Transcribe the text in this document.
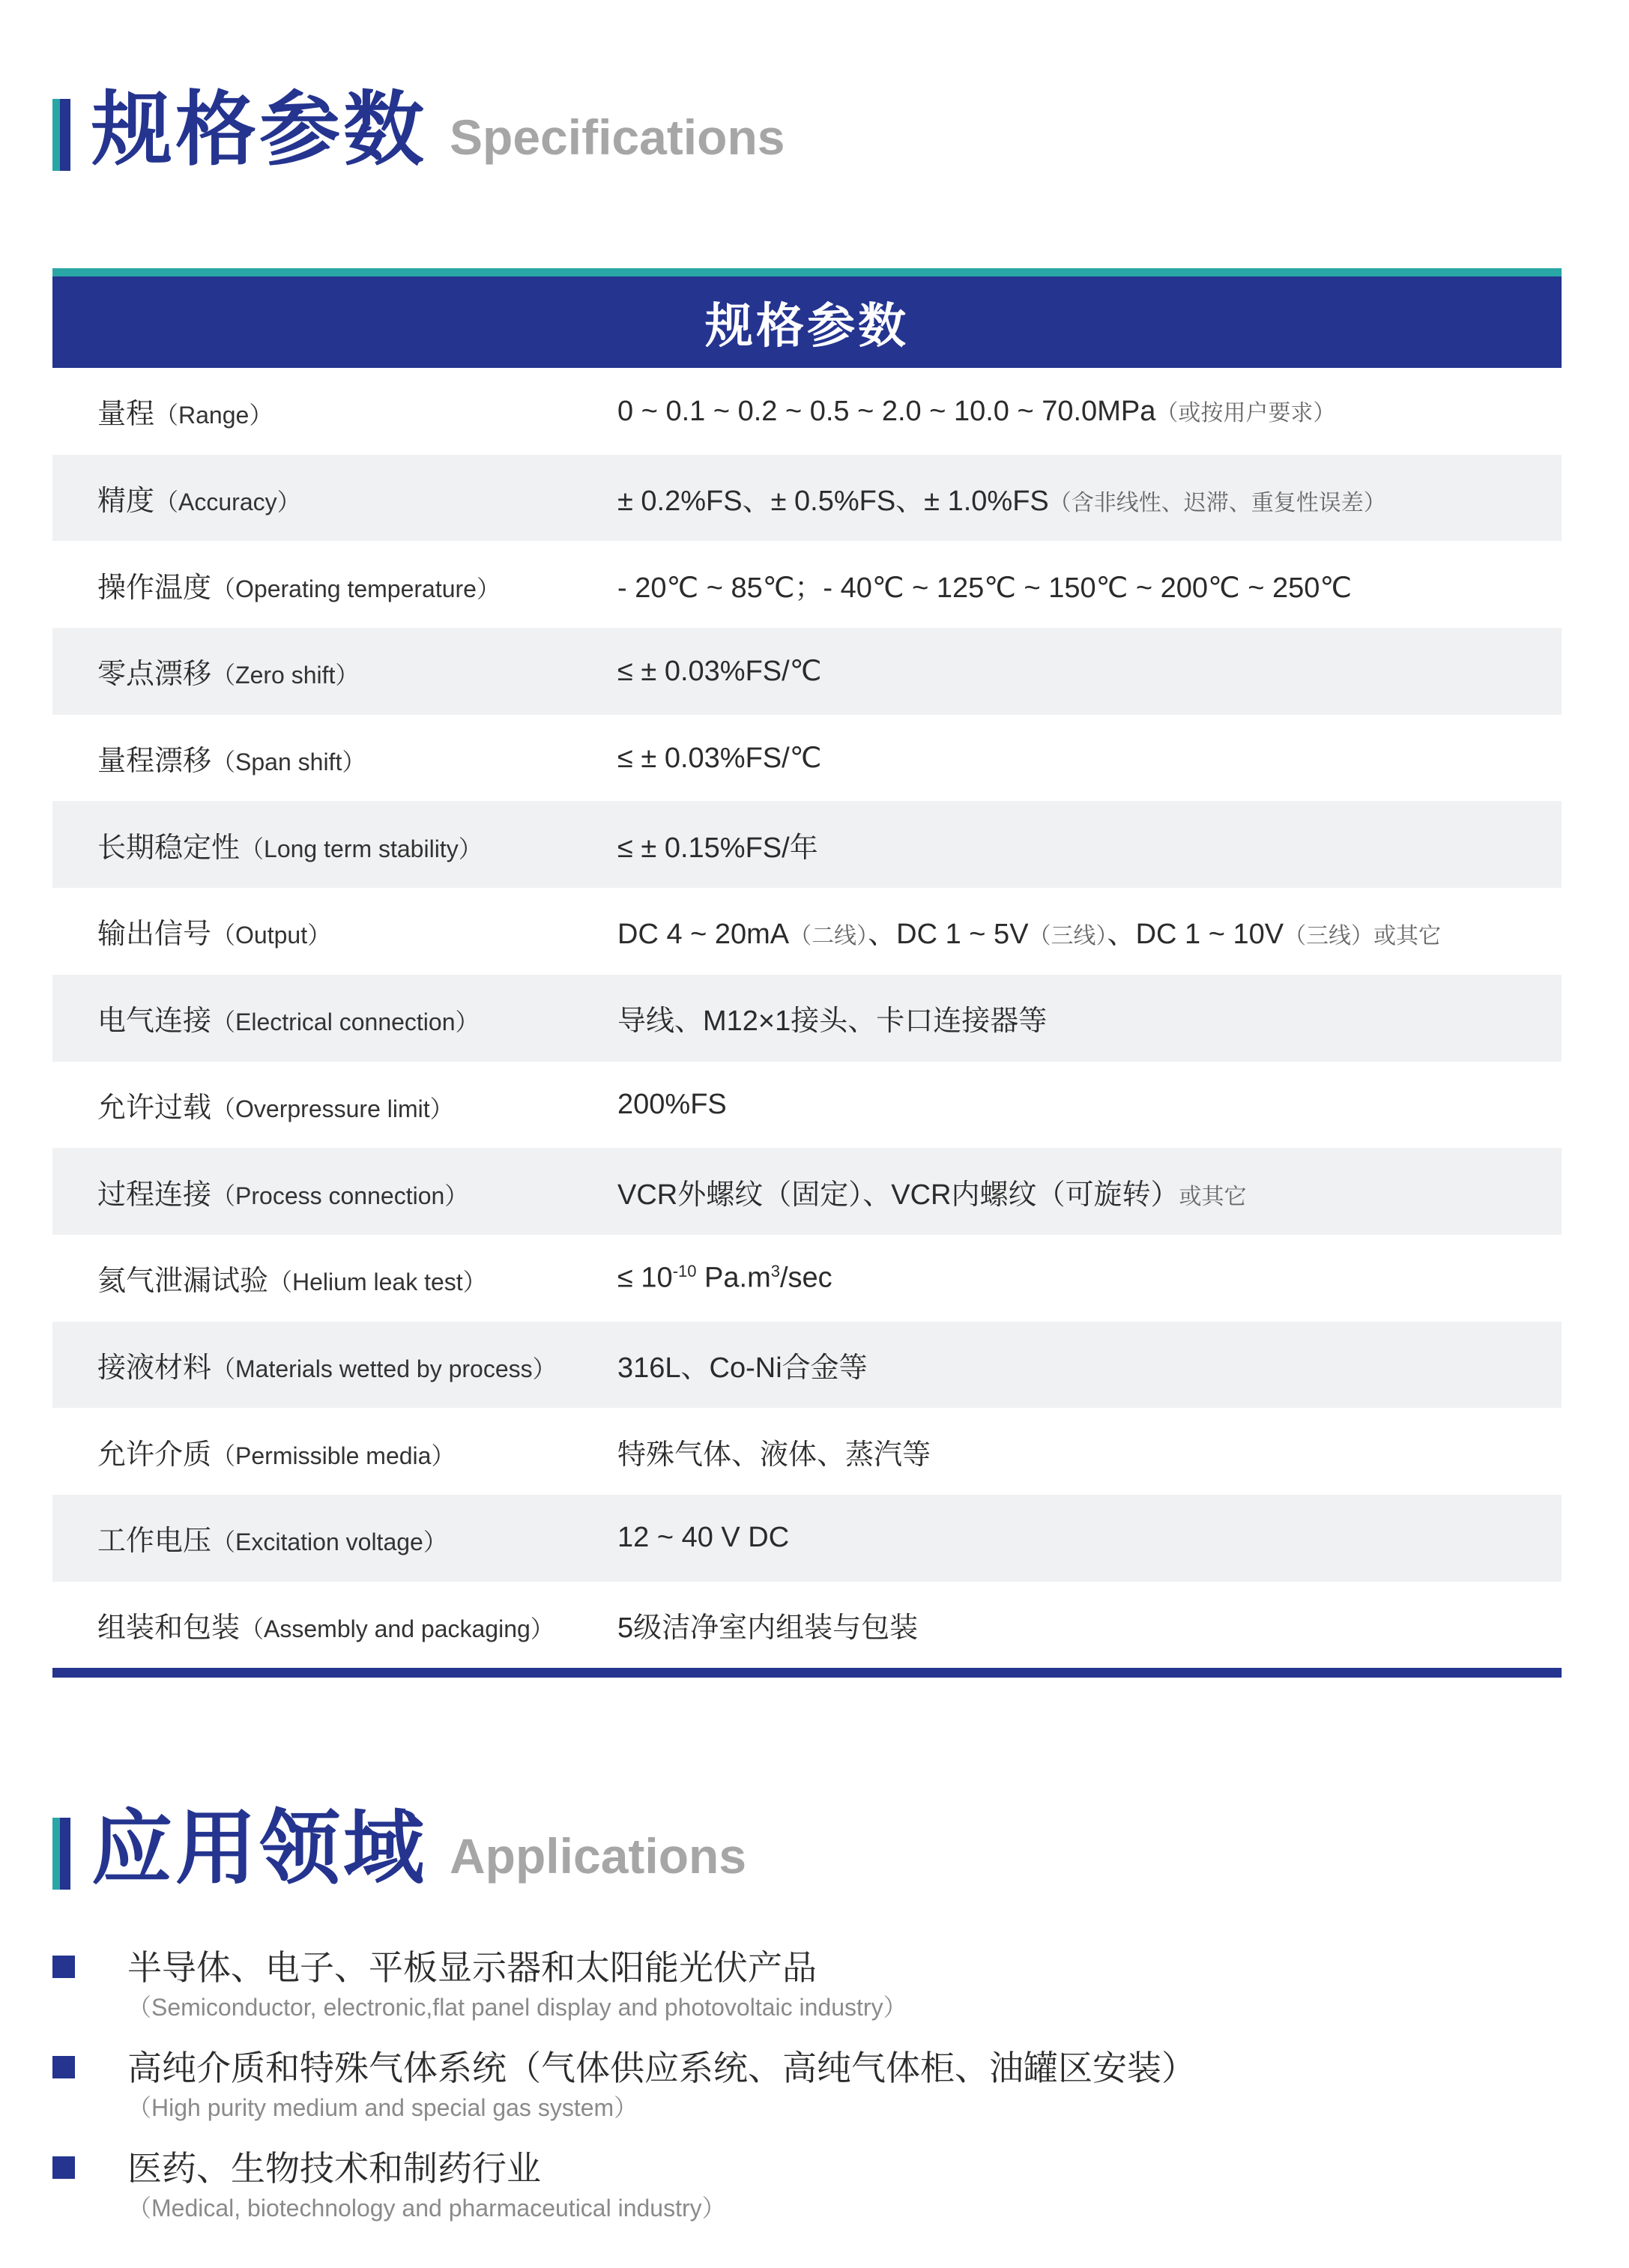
规格参数 Specifications
规格参数
量程（Range）	0 ~ 0.1 ~ 0.2 ~ 0.5 ~ 2.0 ~ 10.0 ~ 70.0MPa（或按用户要求）
精度（Accuracy）	± 0.2%FS、± 0.5%FS、± 1.0%FS（含非线性、迟滞、重复性误差）
操作温度（Operating temperature）	- 20℃ ~ 85℃；- 40℃ ~ 125℃ ~ 150℃ ~ 200℃ ~ 250℃
零点漂移（Zero shift）	≤ ± 0.03%FS/℃
量程漂移（Span shift）	≤ ± 0.03%FS/℃
长期稳定性（Long term stability）	≤ ± 0.15%FS/年
输出信号（Output）	DC 4 ~ 20mA（二线）、DC 1 ~ 5V（三线）、DC 1 ~ 10V（三线）或其它
电气连接（Electrical connection）	导线、M12×1接头、卡口连接器等
允许过载（Overpressure limit）	200%FS
过程连接（Process connection）	VCR外螺纹（固定）、VCR内螺纹（可旋转）或其它
氦气泄漏试验（Helium leak test）	≤ $10^{-10}$ $Pa.m^3/\sec$
接液材料（Materials wetted by process）	316L、Co-Ni合金等
允许介质（Permissible media）	特殊气体、液体、蒸汽等
工作电压（Excitation voltage）	12 ~ 40 V DC
组装和包装（Assembly and packaging）	5级洁净室内组装与包装
应用领域 Applications
半导体、电子、平板显示器和太阳能光伏产品
（Semiconductor, electronic,flat panel display and photovoltaic industry）
高纯介质和特殊气体系统（气体供应系统、高纯气体柜、油罐区安装）
（High purity medium and special gas system）
医药、生物技术和制药行业
（Medical, biotechnology and pharmaceutical industry）
